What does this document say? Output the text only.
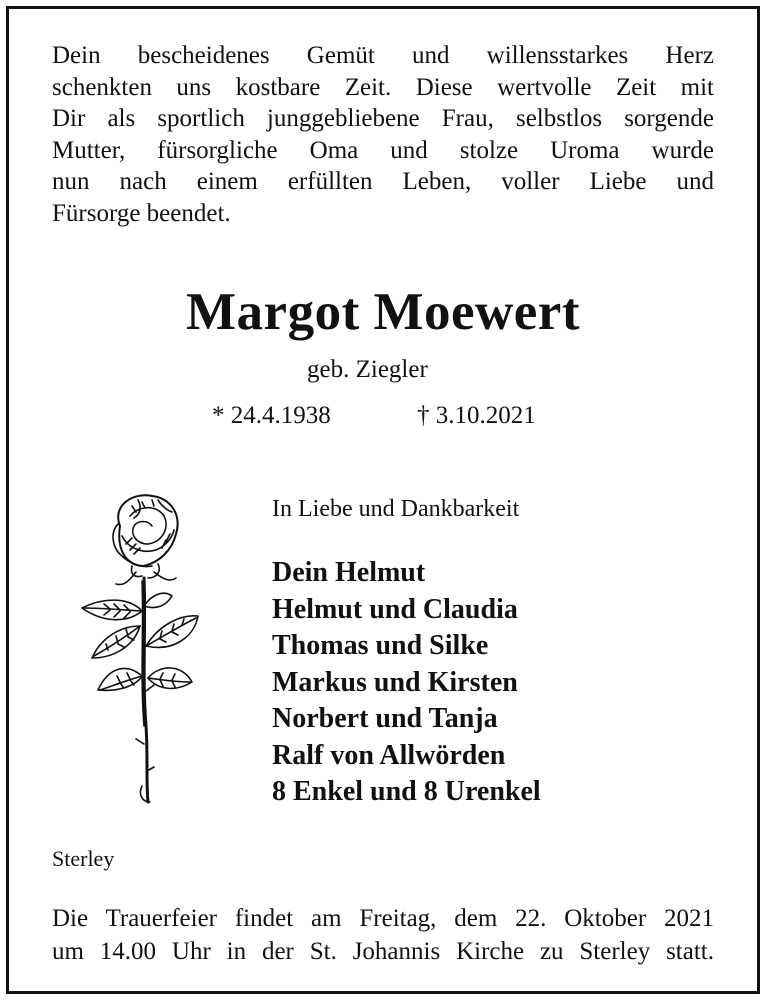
Dein bescheidenes Gemüt und willensstarkes Herz
schenkten uns kostbare Zeit. Diese wertvolle Zeit mit
Dir als sportlich junggebliebene Frau, selbstlos sorgende
Mutter, fürsorgliche Oma und stolze Uroma wurde
nun nach einem erfüllten Leben, voller Liebe und
Fürsorge beendet.
Margot Moewert
geb. Ziegler
* 24.4.1938	† 3.10.2021
In Liebe und Dankbarkeit
Dein Helmut
Helmut und Claudia
Thomas und Silke
Markus und Kirsten
Norbert und Tanja
Ralf von Allwörden
8 Enkel und 8 Urenkel
Sterley
Die Trauerfeier findet am Freitag, dem 22. Oktober 2021
um 14.00 Uhr in der St. Johannis Kirche zu Sterley statt.
